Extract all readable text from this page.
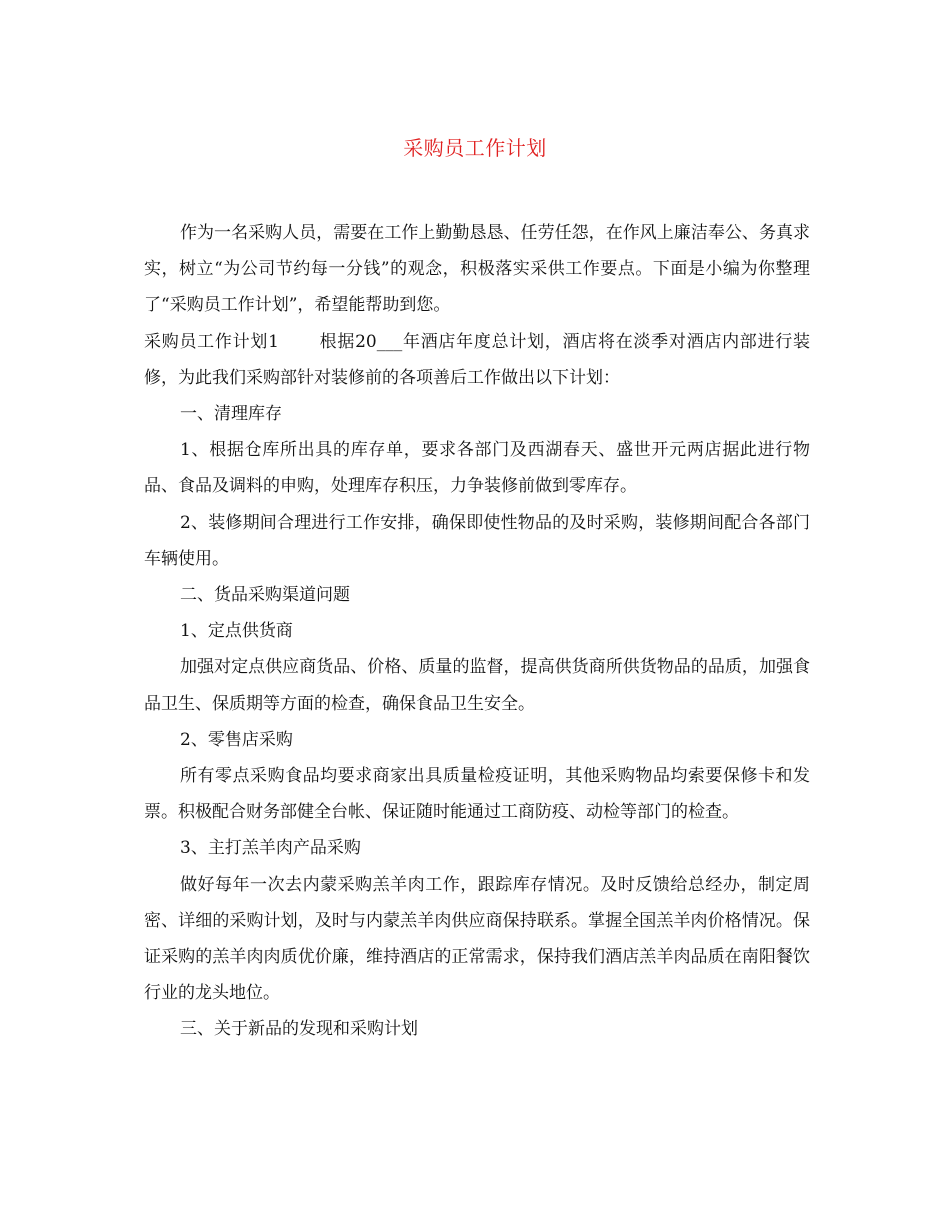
采购员工作计划

作为一名采购人员，需要在工作上勤勤恳恳、任劳任怨，在作风上廉洁奉公、务真求实，树立“为公司节约每一分钱”的观念，积极落实采供工作要点。下面是小编为你整理了“采购员工作计划”，希望能帮助到您。

采购员工作计划1 根据20___年酒店年度总计划，酒店将在淡季对酒店内部进行装修，为此我们采购部针对装修前的各项善后工作做出以下计划：

一、清理库存

1、根据仓库所出具的库存单，要求各部门及西湖春天、盛世开元两店据此进行物品、食品及调料的申购，处理库存积压，力争装修前做到零库存。

2、装修期间合理进行工作安排，确保即使性物品的及时采购，装修期间配合各部门车辆使用。

二、货品采购渠道问题

1、定点供货商

加强对定点供应商货品、价格、质量的监督，提高供货商所供货物品的品质，加强食品卫生、保质期等方面的检查，确保食品卫生安全。

2、零售店采购

所有零点采购食品均要求商家出具质量检疫证明，其他采购物品均索要保修卡和发票。积极配合财务部健全台帐、保证随时能通过工商防疫、动检等部门的检查。

3、主打羔羊肉产品采购

做好每年一次去内蒙采购羔羊肉工作，跟踪库存情况。及时反馈给总经办，制定周密、详细的采购计划，及时与内蒙羔羊肉供应商保持联系。掌握全国羔羊肉价格情况。保证采购的羔羊肉肉质优价廉，维持酒店的正常需求，保持我们酒店羔羊肉品质在南阳餐饮行业的龙头地位。

三、关于新品的发现和采购计划
